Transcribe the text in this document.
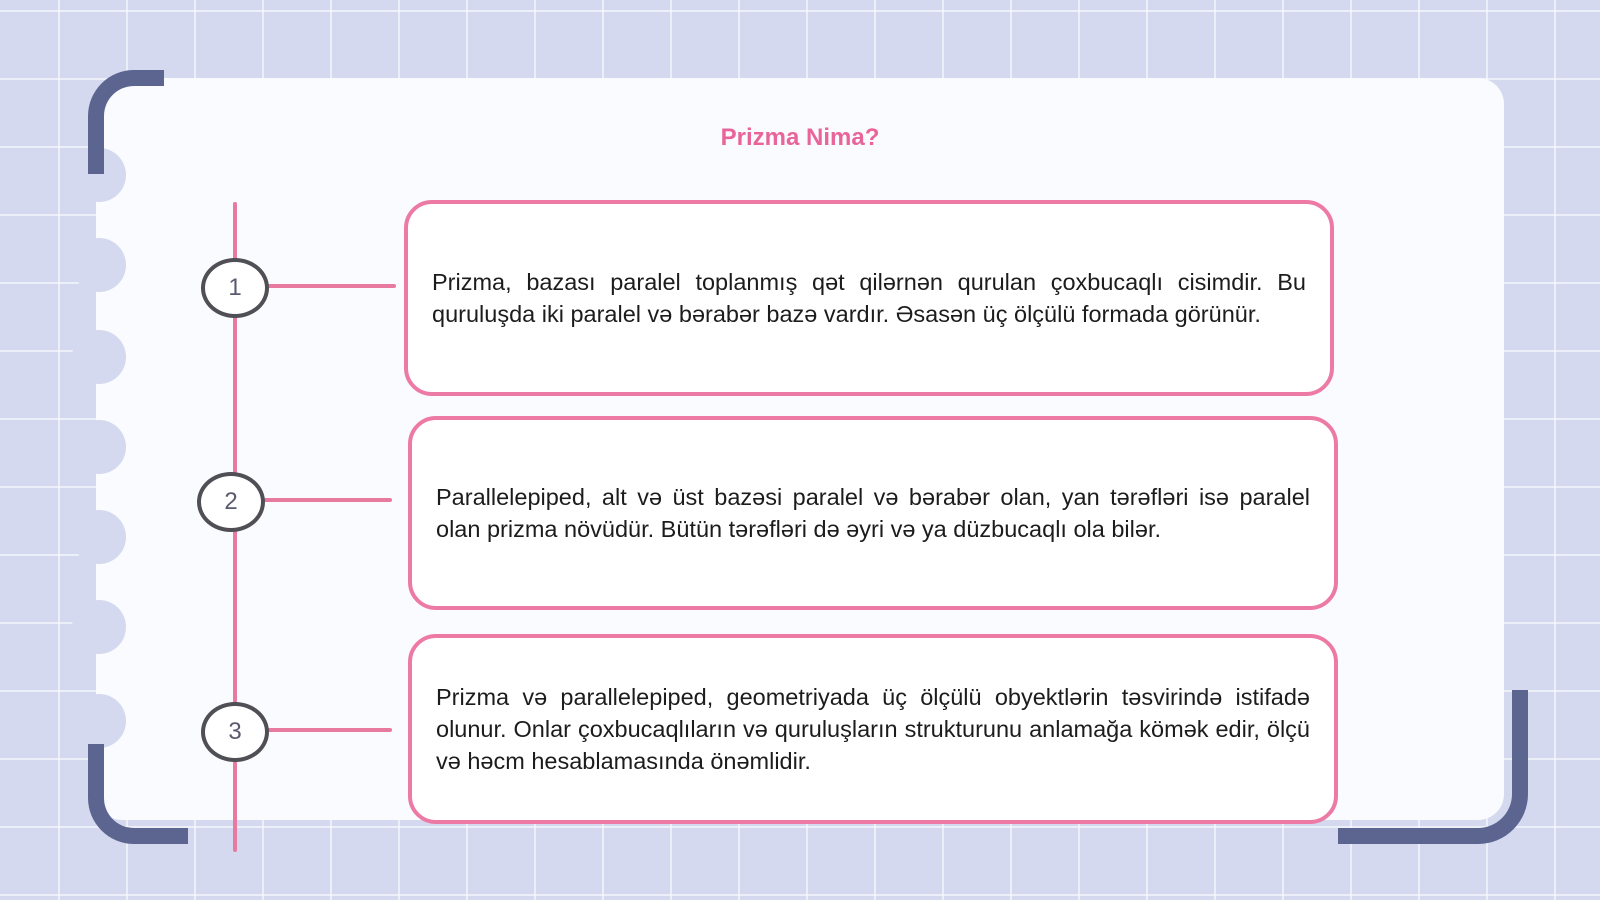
Prizma Nima?
1	Prizma, bazası paralel toplanmış qət qilərnən qurulan çoxbucaqlı cisimdir. Bu quruluşda iki paralel və bərabər bazə vardır. Əsasən üç ölçülü formada görünür.

2	Parallelepiped, alt və üst bazəsi paralel və bərabər olan, yan tərəfləri isə paralel olan prizma növüdür. Bütün tərəfləri də əyri və ya düzbucaqlı ola bilər.

3

Prizma və parallelepiped, geometriyada üç ölçülü obyektlərin təsvirində istifadə olunur. Onlar çoxbucaqlıların və quruluşların strukturunu anlamağa kömək edir, ölçü və həcm hesablamasında önəmlidir.
